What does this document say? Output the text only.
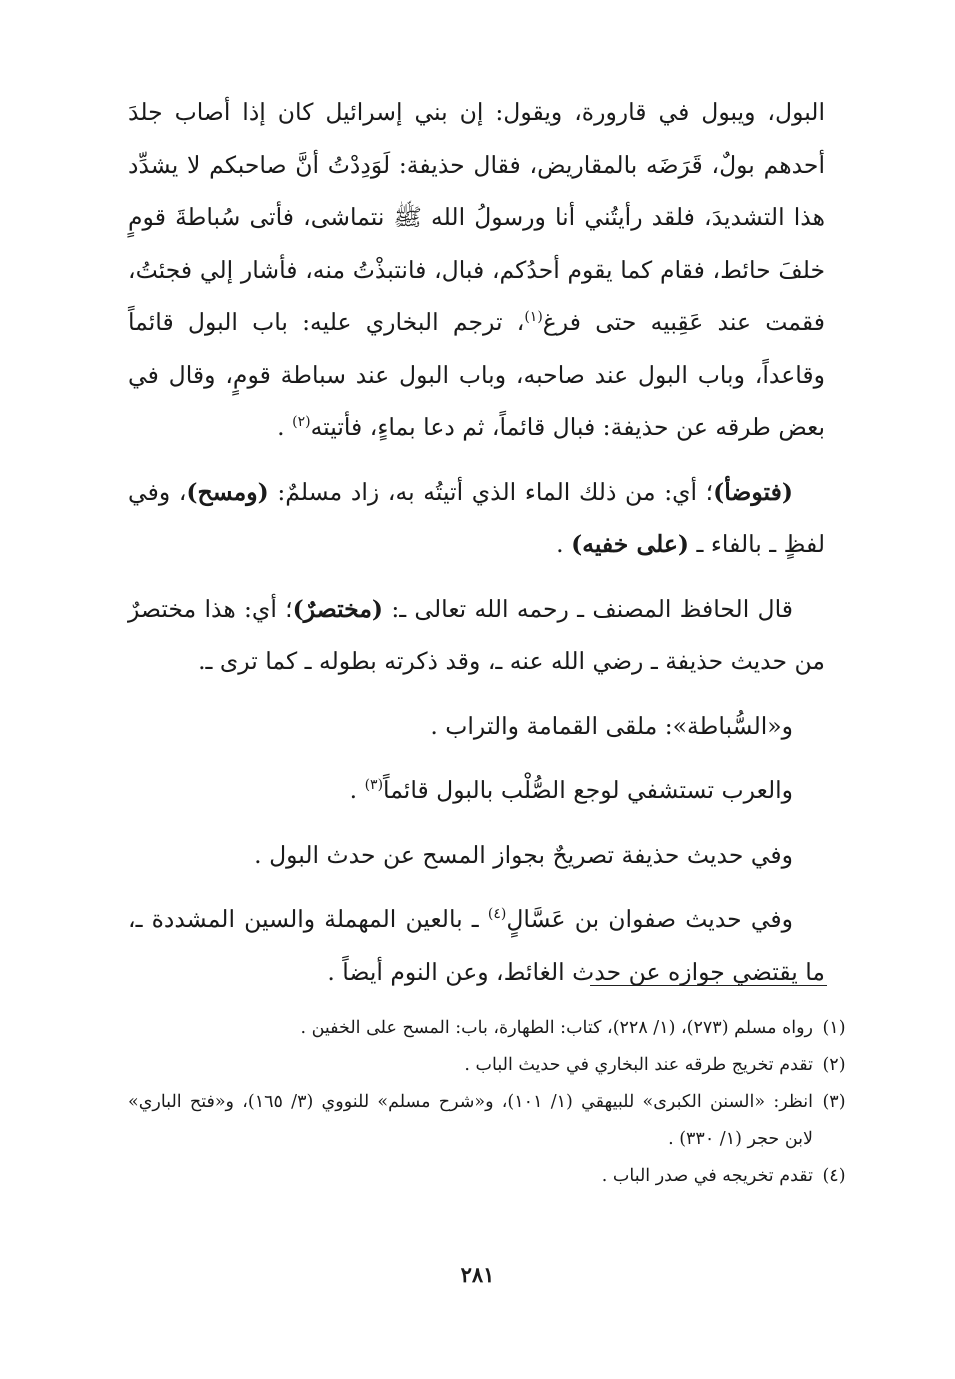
البول، ويبول في قارورة، ويقول: إن بني إسرائيل كان إذا أصاب جلدَ أحدهم بولٌ، قَرَضَه بالمقاريض، فقال حذيفة: لَوَدِدْتُ أنَّ صاحبكم لا يشدِّد هذا التشديدَ، فلقد رأيتُني أنا ورسولُ الله ﷺ نتماشى، فأتى سُباطةَ قومٍ خلفَ حائط، فقام كما يقوم أحدُكم، فبال، فانتبذْتُ منه، فأشار إلي فجئتُ، فقمت عند عَقِبيه حتى فرغ$^{(١)}$، ترجم البخاري عليه: باب البول قائماً وقاعداً، وباب البول عند صاحبه، وباب البول عند سباطة قومٍ، وقال في بعض طرقه عن حذيفة: فبال قائماً، ثم دعا بماءٍ، فأتيته$^{(٢)}$ .

(فتوضأ)؛ أي: من ذلك الماء الذي أتيتُه به، زاد مسلمٌ: (ومسح)، وفي لفظٍ ـ بالفاء ـ (على خفيه) .

قال الحافظ المصنف ـ رحمه الله تعالى ـ: (مختصرٌ)؛ أي: هذا مختصرٌ من حديث حذيفة ـ رضي الله عنه ـ، وقد ذكرته بطوله ـ كما ترى ـ.

و«السُّباطة»: ملقى القمامة والتراب .

والعرب تستشفي لوجع الصُّلْب بالبول قائماً$^{(٣)}$ .

وفي حديث حذيفة تصريحٌ بجواز المسح عن حدث البول .

وفي حديث صفوان بن عَسَّالٍ$^{(٤)}$ ـ بالعين المهملة والسين المشددة ـ، ما يقتضي جوازه عن حدث الغائط، وعن النوم أيضاً .

(١)
رواه مسلم (٢٧٣)، (١/ ٢٢٨)، كتاب: الطهارة، باب: المسح على الخفين .
(٢)
تقدم تخريج طرقه عند البخاري في حديث الباب .
(٣)
انظر: «السنن الكبرى» للبيهقي (١/ ١٠١)، و«شرح مسلم» للنووي (٣/ ١٦٥)، و«فتح الباري» لابن حجر (١/ ٣٣٠) .
(٤)
تقدم تخريجه في صدر الباب .
٢٨١
